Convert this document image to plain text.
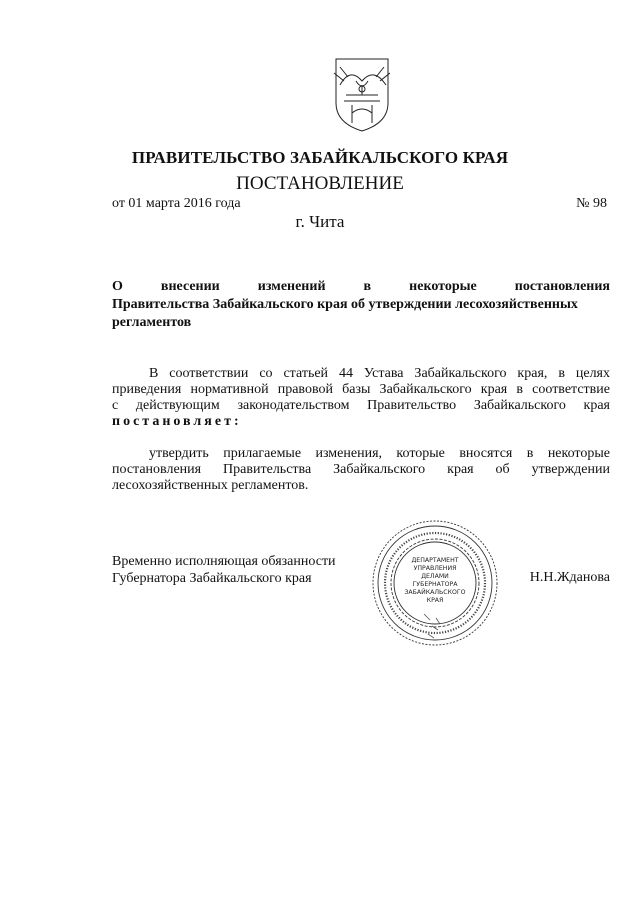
ПРАВИТЕЛЬСТВО ЗАБАЙКАЛЬСКОГО КРАЯ
ПОСТАНОВЛЕНИЕ
от 01 марта 2016 года	№ 98
г. Чита
О внесении изменений в некоторые постановления
Правительства Забайкальского края об утверждении лесохозяйственных
регламентов
В соответствии со статьей 44 Устава Забайкальского края, в целях
приведения нормативной правовой базы Забайкальского края в соответствие
с действующим законодательством Правительство Забайкальского края
постановляет:
утвердить прилагаемые изменения, которые вносятся в некоторые
постановления Правительства Забайкальского края об утверждении
лесохозяйственных регламентов.
Временно исполняющая обязанности
Губернатора Забайкальского края
ДЕПАРТАМЕНТ
УПРАВЛЕНИЯ
ДЕЛАМИ
ГУБЕРНАТОРА
ЗАБАЙКАЛЬСКОГО
КРАЯ
Н.Н.Жданова
